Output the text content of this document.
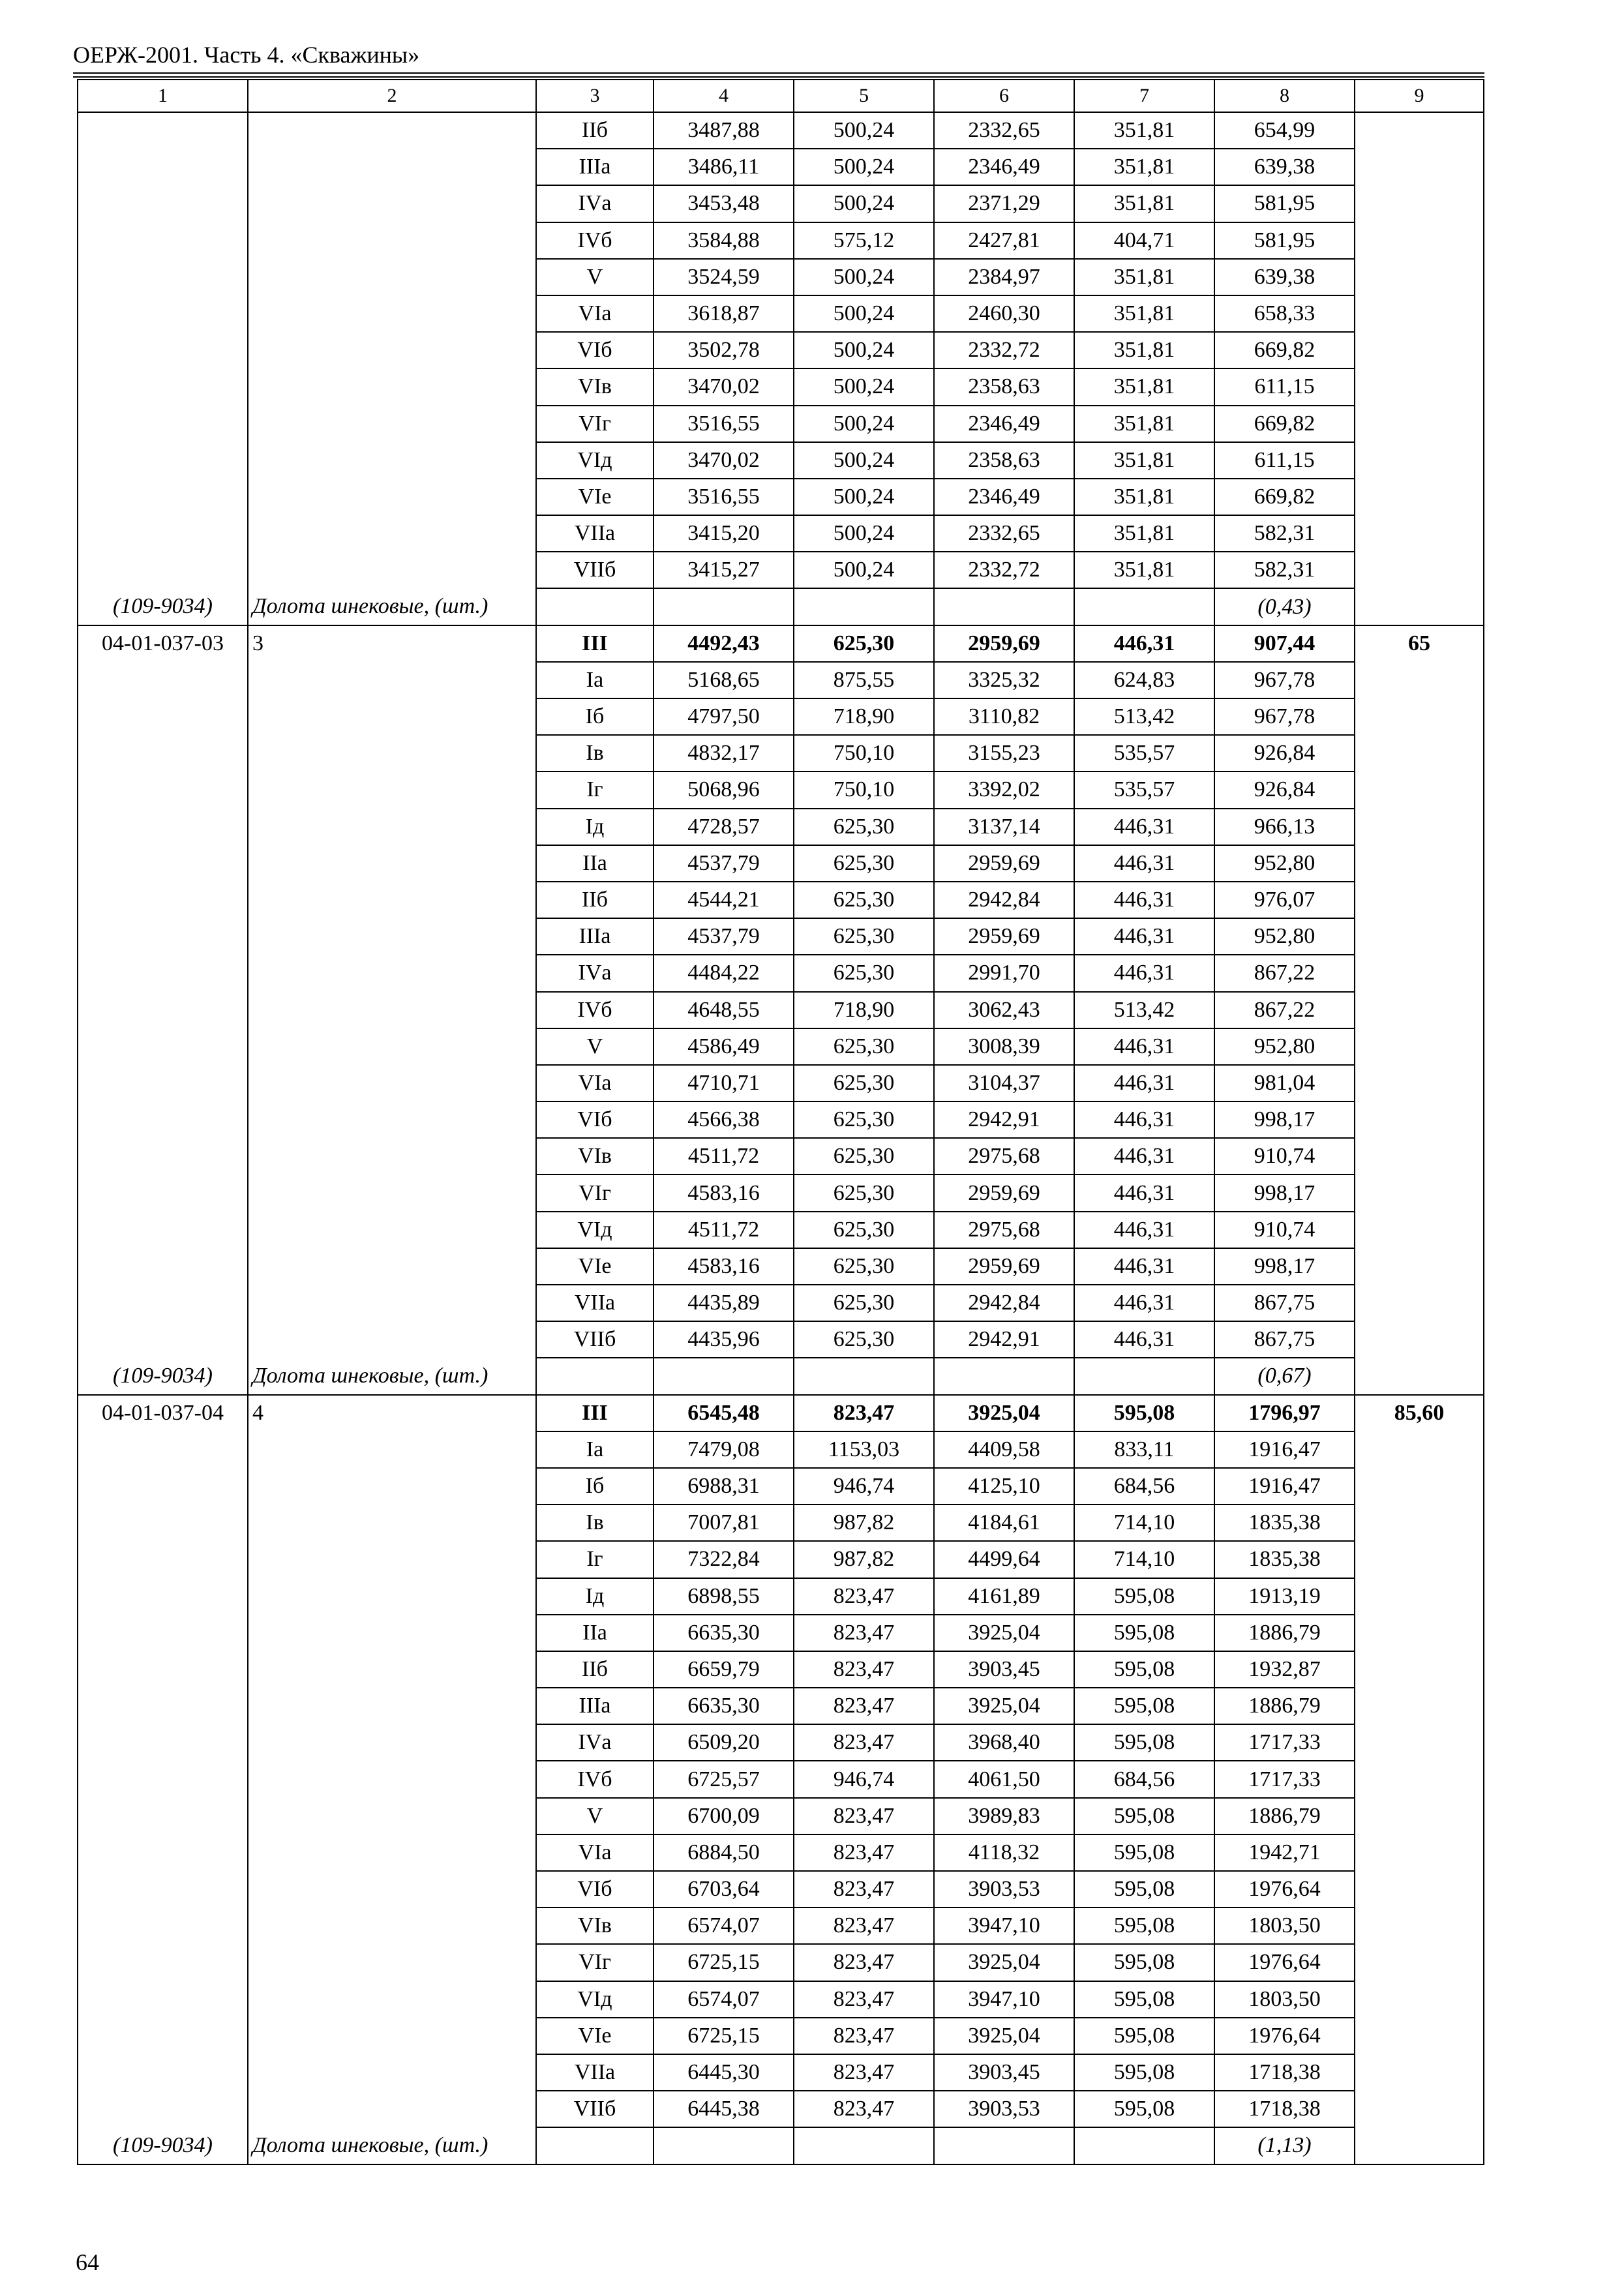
ОЕРЖ-2001. Часть 4. «Скважины»
1	2	3	4	5	6	7	8	9
		IIб	3487,88	500,24	2332,65	351,81	654,99	
		IIIа	3486,11	500,24	2346,49	351,81	639,38	
		IVа	3453,48	500,24	2371,29	351,81	581,95	
		IVб	3584,88	575,12	2427,81	404,71	581,95	
		V	3524,59	500,24	2384,97	351,81	639,38	
		VIа	3618,87	500,24	2460,30	351,81	658,33	
		VIб	3502,78	500,24	2332,72	351,81	669,82	
		VIв	3470,02	500,24	2358,63	351,81	611,15	
		VIг	3516,55	500,24	2346,49	351,81	669,82	
		VIд	3470,02	500,24	2358,63	351,81	611,15	
		VIе	3516,55	500,24	2346,49	351,81	669,82	
		VIIа	3415,20	500,24	2332,65	351,81	582,31	
		VIIб	3415,27	500,24	2332,72	351,81	582,31	
(109-9034)	Долота шнековые, (шт.)						(0,43)	
04-01-037-03	3	III	4492,43	625,30	2959,69	446,31	907,44	65
		Iа	5168,65	875,55	3325,32	624,83	967,78	
		Iб	4797,50	718,90	3110,82	513,42	967,78	
		Iв	4832,17	750,10	3155,23	535,57	926,84	
		Iг	5068,96	750,10	3392,02	535,57	926,84	
		Iд	4728,57	625,30	3137,14	446,31	966,13	
		IIа	4537,79	625,30	2959,69	446,31	952,80	
		IIб	4544,21	625,30	2942,84	446,31	976,07	
		IIIа	4537,79	625,30	2959,69	446,31	952,80	
		IVа	4484,22	625,30	2991,70	446,31	867,22	
		IVб	4648,55	718,90	3062,43	513,42	867,22	
		V	4586,49	625,30	3008,39	446,31	952,80	
		VIа	4710,71	625,30	3104,37	446,31	981,04	
		VIб	4566,38	625,30	2942,91	446,31	998,17	
		VIв	4511,72	625,30	2975,68	446,31	910,74	
		VIг	4583,16	625,30	2959,69	446,31	998,17	
		VIд	4511,72	625,30	2975,68	446,31	910,74	
		VIе	4583,16	625,30	2959,69	446,31	998,17	
		VIIа	4435,89	625,30	2942,84	446,31	867,75	
		VIIб	4435,96	625,30	2942,91	446,31	867,75	
(109-9034)	Долота шнековые, (шт.)						(0,67)	
04-01-037-04	4	III	6545,48	823,47	3925,04	595,08	1796,97	85,60
		Iа	7479,08	1153,03	4409,58	833,11	1916,47	
		Iб	6988,31	946,74	4125,10	684,56	1916,47	
		Iв	7007,81	987,82	4184,61	714,10	1835,38	
		Iг	7322,84	987,82	4499,64	714,10	1835,38	
		Iд	6898,55	823,47	4161,89	595,08	1913,19	
		IIа	6635,30	823,47	3925,04	595,08	1886,79	
		IIб	6659,79	823,47	3903,45	595,08	1932,87	
		IIIа	6635,30	823,47	3925,04	595,08	1886,79	
		IVа	6509,20	823,47	3968,40	595,08	1717,33	
		IVб	6725,57	946,74	4061,50	684,56	1717,33	
		V	6700,09	823,47	3989,83	595,08	1886,79	
		VIа	6884,50	823,47	4118,32	595,08	1942,71	
		VIб	6703,64	823,47	3903,53	595,08	1976,64	
		VIв	6574,07	823,47	3947,10	595,08	1803,50	
		VIг	6725,15	823,47	3925,04	595,08	1976,64	
		VIд	6574,07	823,47	3947,10	595,08	1803,50	
		VIе	6725,15	823,47	3925,04	595,08	1976,64	
		VIIа	6445,30	823,47	3903,45	595,08	1718,38	
		VIIб	6445,38	823,47	3903,53	595,08	1718,38	
(109-9034)	Долота шнековые, (шт.)						(1,13)	
64
